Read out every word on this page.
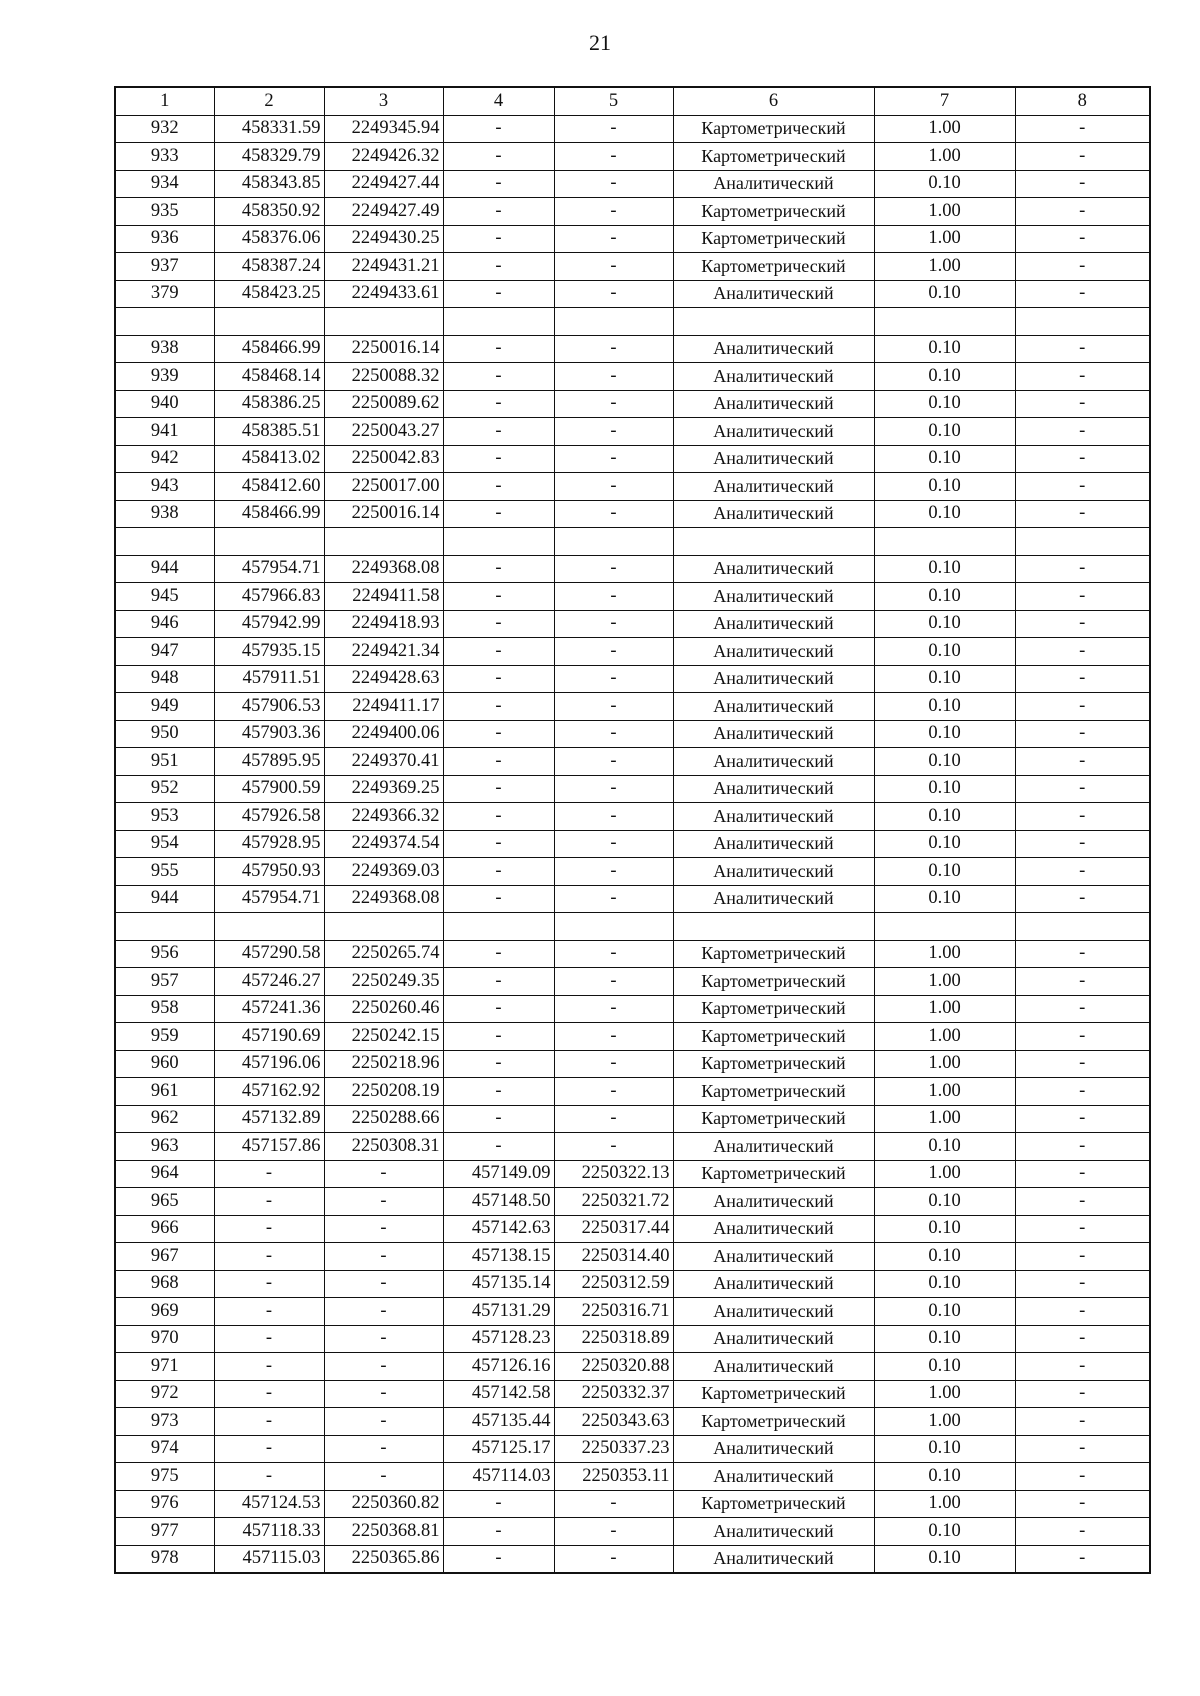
21
1	2	3	4	5	6	7	8
932	458331.59	2249345.94	-	-	Картометрический	1.00	-
933	458329.79	2249426.32	-	-	Картометрический	1.00	-
934	458343.85	2249427.44	-	-	Аналитический	0.10	-
935	458350.92	2249427.49	-	-	Картометрический	1.00	-
936	458376.06	2249430.25	-	-	Картометрический	1.00	-
937	458387.24	2249431.21	-	-	Картометрический	1.00	-
379	458423.25	2249433.61	-	-	Аналитический	0.10	-

938	458466.99	2250016.14	-	-	Аналитический	0.10	-
939	458468.14	2250088.32	-	-	Аналитический	0.10	-
940	458386.25	2250089.62	-	-	Аналитический	0.10	-
941	458385.51	2250043.27	-	-	Аналитический	0.10	-
942	458413.02	2250042.83	-	-	Аналитический	0.10	-
943	458412.60	2250017.00	-	-	Аналитический	0.10	-
938	458466.99	2250016.14	-	-	Аналитический	0.10	-

944	457954.71	2249368.08	-	-	Аналитический	0.10	-
945	457966.83	2249411.58	-	-	Аналитический	0.10	-
946	457942.99	2249418.93	-	-	Аналитический	0.10	-
947	457935.15	2249421.34	-	-	Аналитический	0.10	-
948	457911.51	2249428.63	-	-	Аналитический	0.10	-
949	457906.53	2249411.17	-	-	Аналитический	0.10	-
950	457903.36	2249400.06	-	-	Аналитический	0.10	-
951	457895.95	2249370.41	-	-	Аналитический	0.10	-
952	457900.59	2249369.25	-	-	Аналитический	0.10	-
953	457926.58	2249366.32	-	-	Аналитический	0.10	-
954	457928.95	2249374.54	-	-	Аналитический	0.10	-
955	457950.93	2249369.03	-	-	Аналитический	0.10	-
944	457954.71	2249368.08	-	-	Аналитический	0.10	-

956	457290.58	2250265.74	-	-	Картометрический	1.00	-
957	457246.27	2250249.35	-	-	Картометрический	1.00	-
958	457241.36	2250260.46	-	-	Картометрический	1.00	-
959	457190.69	2250242.15	-	-	Картометрический	1.00	-
960	457196.06	2250218.96	-	-	Картометрический	1.00	-
961	457162.92	2250208.19	-	-	Картометрический	1.00	-
962	457132.89	2250288.66	-	-	Картометрический	1.00	-
963	457157.86	2250308.31	-	-	Аналитический	0.10	-
964	-	-	457149.09	2250322.13	Картометрический	1.00	-
965	-	-	457148.50	2250321.72	Аналитический	0.10	-
966	-	-	457142.63	2250317.44	Аналитический	0.10	-
967	-	-	457138.15	2250314.40	Аналитический	0.10	-
968	-	-	457135.14	2250312.59	Аналитический	0.10	-
969	-	-	457131.29	2250316.71	Аналитический	0.10	-
970	-	-	457128.23	2250318.89	Аналитический	0.10	-
971	-	-	457126.16	2250320.88	Аналитический	0.10	-
972	-	-	457142.58	2250332.37	Картометрический	1.00	-
973	-	-	457135.44	2250343.63	Картометрический	1.00	-
974	-	-	457125.17	2250337.23	Аналитический	0.10	-
975	-	-	457114.03	2250353.11	Аналитический	0.10	-
976	457124.53	2250360.82	-	-	Картометрический	1.00	-
977	457118.33	2250368.81	-	-	Аналитический	0.10	-
978	457115.03	2250365.86	-	-	Аналитический	0.10	-
